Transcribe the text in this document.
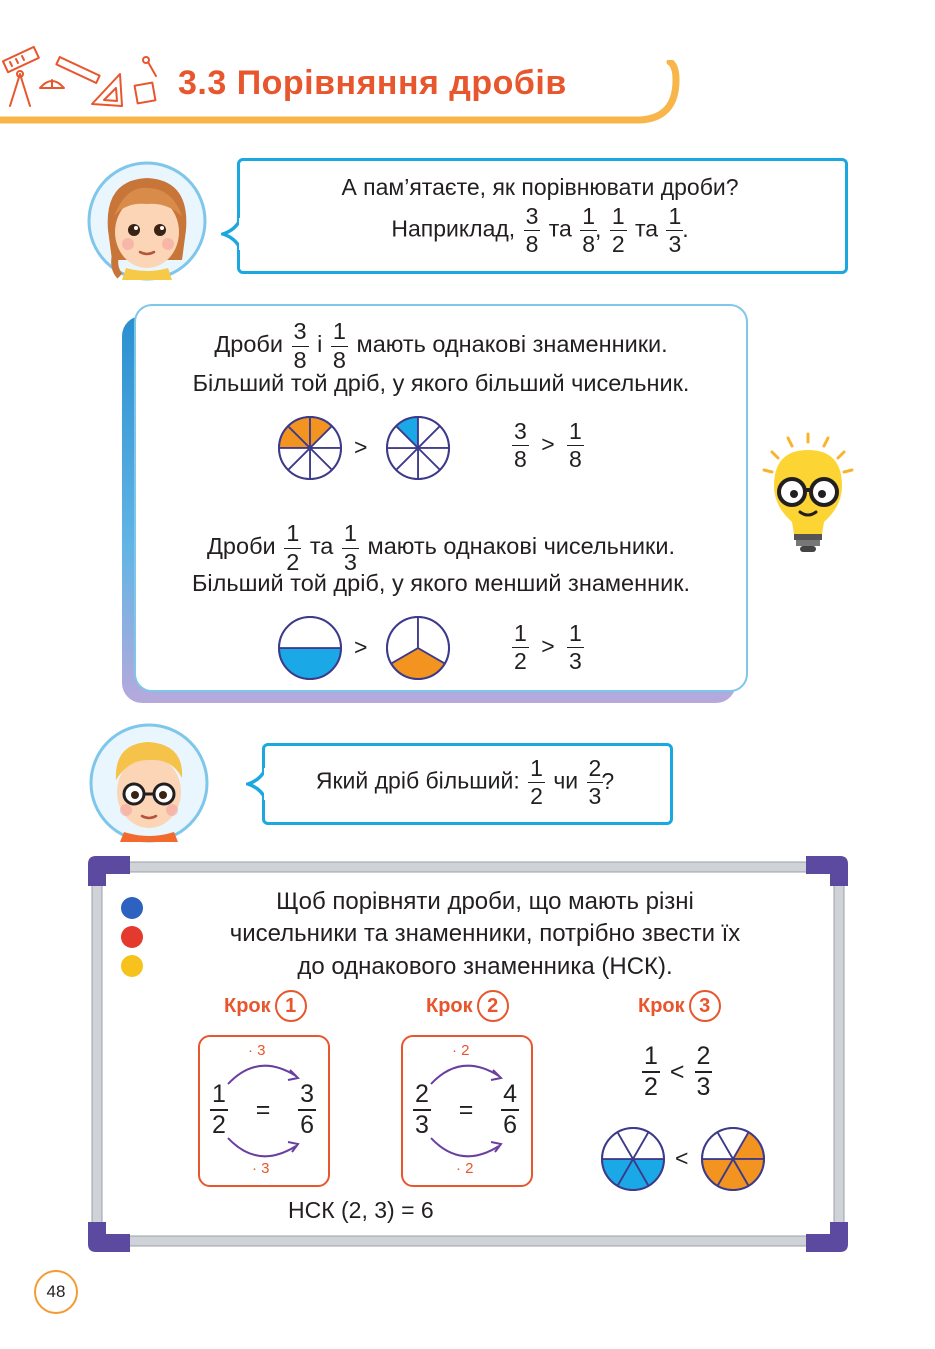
3.3 Порівняння дробів
А пам’ятаєте, як порівнювати дроби?
Наприклад, $\frac{3}{8}$ та $\frac{1}{8}$
, $\frac{1}{2}$ та $\frac{1}{3}$ .
Дроби $\frac{3}{8}$ і $\frac{1}{8}$ мають однакові знаменники.
Більший той дріб, у якого більший чисельник.
>	$\frac{3}{8} > \frac{1}{8}$
Дроби $\frac{1}{2}$ та $\frac{1}{3}$ мають однакові чисельники.
Більший той дріб, у якого менший знаменник.
>	$\frac{1}{2} > \frac{1}{3}$
Який дріб більший: $\frac{1}{2}$ чи $\frac{2}{3}$
?
Щоб порівняти дроби, що мають різні
чисельники та знаменники, потрібно звести їх
до однакового знаменника (НСК).
Крок 1	Крок 2	Крок 3
· 3
· 3
$\frac{1}{2} = \frac{3}{6}$
· 2
· 2
$\frac{2}{3} = \frac{4}{6}$
$\frac{1}{2} < \frac{2}{3}$
<
НСК (2, 3) = 6
48
